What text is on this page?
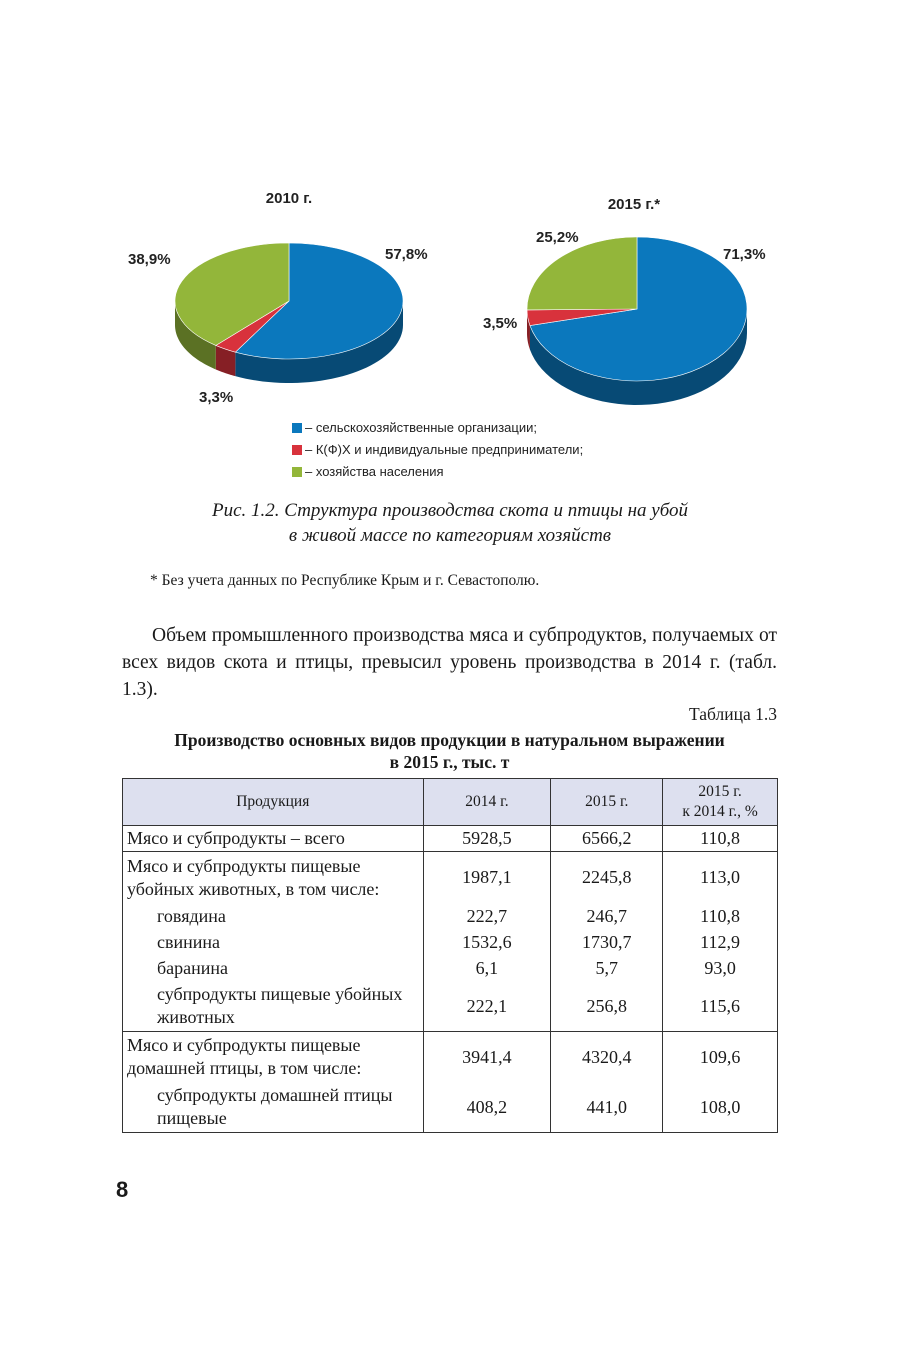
2010 г.	2015 г.*
57,8%
3,3%
38,9%	71,3%
3,5%
25,2%
– сельскохозяйственные организации;
– К(Ф)Х и индивидуальные предприниматели;
– хозяйства населения
Рис. 1.2. Структура производства скота и птицы на убой
в живой массе по категориям хозяйств
* Без учета данных по Республике Крым и г. Севастополю.
Объем промышленного производства мяса и субпродуктов, получаемых от всех видов скота и птицы, превысил уровень производства в 2014 г. (табл. 1.3).
Таблица 1.3
Производство основных видов продукции в натуральном выражении
в 2015 г., тыс. т
Продукция	2014 г.	2015 г.	2015 г.
к 2014 г., %

Мясо и субпродукты – всего	5928,5	6566,2	110,8
Мясо и субпродукты пищевые убойных животных, в том числе:	1987,1	2245,8	113,0
говядина	222,7	246,7	110,8
свинина	1532,6	1730,7	112,9
баранина	6,1	5,7	93,0
субпродукты пищевые убойных животных	222,1	256,8	115,6
Мясо и субпродукты пищевые домашней птицы, в том числе:	3941,4	4320,4	109,6
субпродукты домашней птицы пищевые	408,2	441,0	108,0
8
